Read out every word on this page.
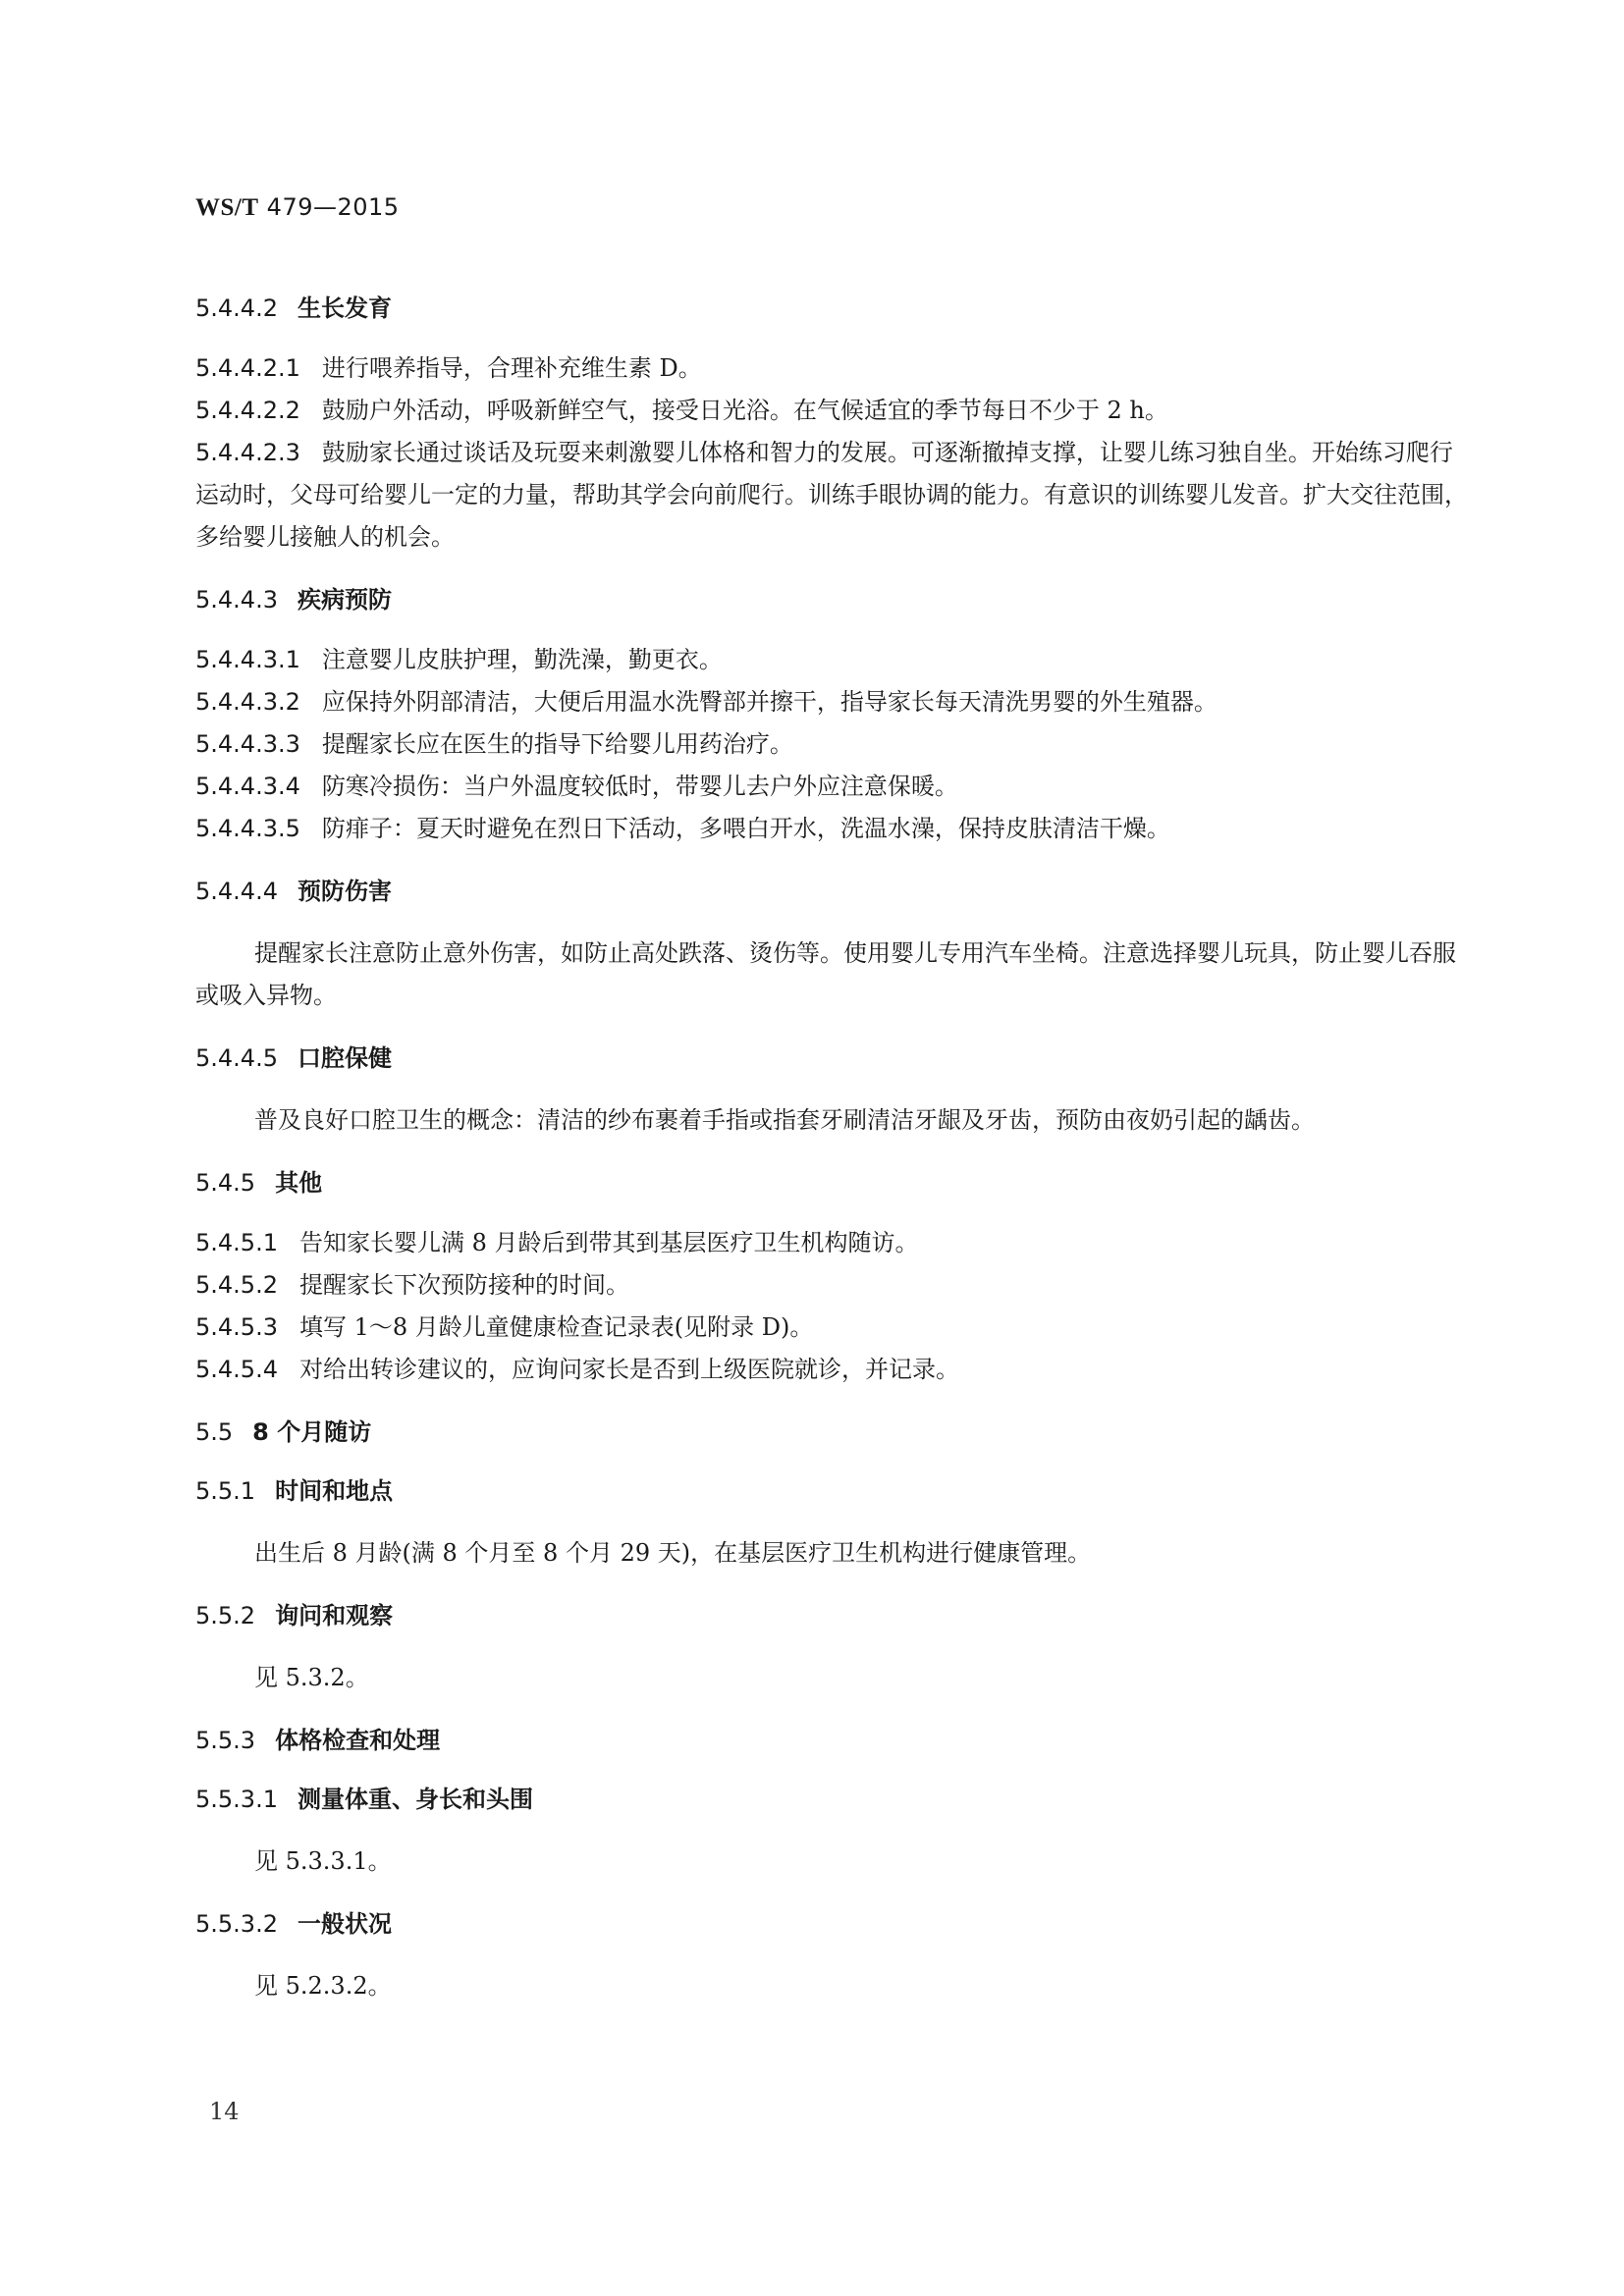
WS/T 479—2015

5.4.4.2 生长发育

5.4.4.2.1 进行喂养指导，合理补充维生素 D。

5.4.4.2.2 鼓励户外活动，呼吸新鲜空气，接受日光浴。在气候适宜的季节每日不少于 2 h。

5.4.4.2.3 鼓励家长通过谈话及玩耍来刺激婴儿体格和智力的发展。可逐渐撤掉支撑，让婴儿练习独自坐。开始练习爬行运动时，父母可给婴儿一定的力量，帮助其学会向前爬行。训练手眼协调的能力。有意识的训练婴儿发音。扩大交往范围，多给婴儿接触人的机会。

5.4.4.3 疾病预防

5.4.4.3.1 注意婴儿皮肤护理，勤洗澡，勤更衣。

5.4.4.3.2 应保持外阴部清洁，大便后用温水洗臀部并擦干，指导家长每天清洗男婴的外生殖器。

5.4.4.3.3 提醒家长应在医生的指导下给婴儿用药治疗。

5.4.4.3.4 防寒冷损伤：当户外温度较低时，带婴儿去户外应注意保暖。

5.4.4.3.5 防痱子：夏天时避免在烈日下活动，多喂白开水，洗温水澡，保持皮肤清洁干燥。

5.4.4.4 预防伤害

提醒家长注意防止意外伤害，如防止高处跌落、烫伤等。使用婴儿专用汽车坐椅。注意选择婴儿玩具，防止婴儿吞服或吸入异物。

5.4.4.5 口腔保健

普及良好口腔卫生的概念：清洁的纱布裹着手指或指套牙刷清洁牙龈及牙齿，预防由夜奶引起的龋齿。

5.4.5 其他

5.4.5.1 告知家长婴儿满 8 月龄后到带其到基层医疗卫生机构随访。

5.4.5.2 提醒家长下次预防接种的时间。

5.4.5.3 填写 1～8 月龄儿童健康检查记录表(见附录 D)。

5.4.5.4 对给出转诊建议的，应询问家长是否到上级医院就诊，并记录。

5.5 8 个月随访

5.5.1 时间和地点

出生后 8 月龄(满 8 个月至 8 个月 29 天)，在基层医疗卫生机构进行健康管理。

5.5.2 询问和观察

见 5.3.2。

5.5.3 体格检查和处理

5.5.3.1 测量体重、身长和头围

见 5.3.3.1。

5.5.3.2 一般状况

见 5.2.3.2。

14
